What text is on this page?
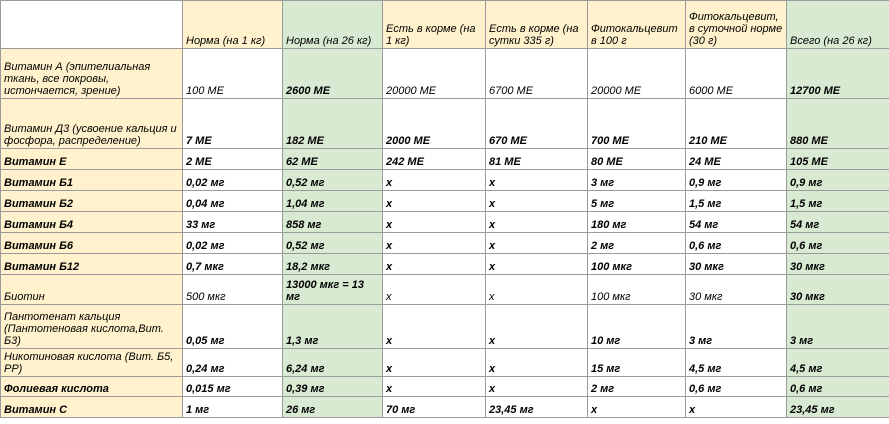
	Норма (на 1 кг)	Норма (на 26 кг)	Есть в корме (на 1 кг)	Есть в корме (на сутки 335 г)	Фитокальцевит в 100 г	Фитокальцевит, в суточной норме (30 г)	Всего (на 26 кг)
Витамин А (эпителиальная ткань, все покровы, истончается, зрение)	100 МЕ	2600 МЕ	20000 МЕ	6700 МЕ	20000 МЕ	6000 МЕ	12700 МЕ
Витамин Д3 (усвоение кальция и фосфора, распределение)	7 МЕ	182 МЕ	2000 МЕ	670 МЕ	700 МЕ	210 МЕ	880 МЕ
Витамин Е	2 МЕ	62 МЕ	242 МЕ	81 МЕ	80 МЕ	24 МЕ	105 МЕ
Витамин Б1	0,02 мг	0,52 мг	х	х	3 мг	0,9 мг	0,9 мг
Витамин Б2	0,04 мг	1,04 мг	х	х	5 мг	1,5 мг	1,5 мг
Витамин Б4	33 мг	858 мг	х	х	180 мг	54 мг	54 мг
Витамин Б6	0,02 мг	0,52 мг	х	х	2 мг	0,6 мг	0,6 мг
Витамин Б12	0,7 мкг	18,2 мкг	х	х	100 мкг	30 мкг	30 мкг
Биотин	500 мкг	13000 мкг = 13 мг	х	х	100 мкг	30 мкг	30 мкг
Пантотенат кальция (Пантотеновая кислота,Вит. Б3)	0,05 мг	1,3 мг	х	х	10 мг	3 мг	3 мг
Никотиновая кислота (Вит. Б5, РР)	0,24 мг	6,24 мг	х	х	15 мг	4,5 мг	4,5 мг
Фолиевая кислота	0,015 мг	0,39 мг	х	х	2 мг	0,6 мг	0,6 мг
Витамин С	1 мг	26 мг	70 мг	23,45 мг	х	х	23,45 мг
